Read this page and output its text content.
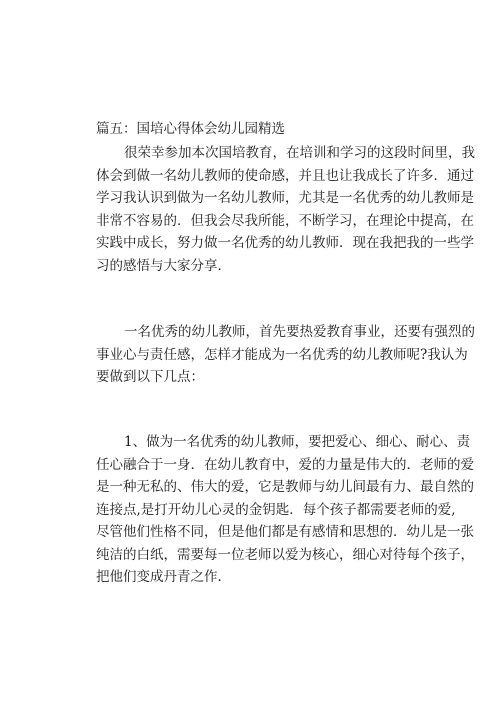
篇五：国培心得体会幼儿园精选
很荣幸参加本次国培教育，在培训和学习的这段时间里，我
体会到做一名幼儿教师的使命感，并且也让我成长了许多．通过
学习我认识到做为一名幼儿教师，尤其是一名优秀的幼儿教师是
非常不容易的．但我会尽我所能，不断学习，在理论中提高，在
实践中成长，努力做一名优秀的幼儿教师．现在我把我的一些学
习的感悟与大家分享．
一名优秀的幼儿教师，首先要热爱教育事业，还要有强烈的
事业心与责任感，怎样才能成为一名优秀的幼儿教师呢?我认为
要做到以下几点：
1、做为一名优秀的幼儿教师，要把爱心、细心、耐心、责
任心融合于一身．在幼儿教育中，爱的力量是伟大的．老师的爱
是一种无私的、伟大的爱，它是教师与幼儿间最有力、最自然的
连接点,是打开幼儿心灵的金钥匙．每个孩子都需要老师的爱,
尽管他们性格不同，但是他们都是有感情和思想的．幼儿是一张
纯洁的白纸，需要每一位老师以爱为核心，细心对待每个孩子，
把他们变成丹青之作．
